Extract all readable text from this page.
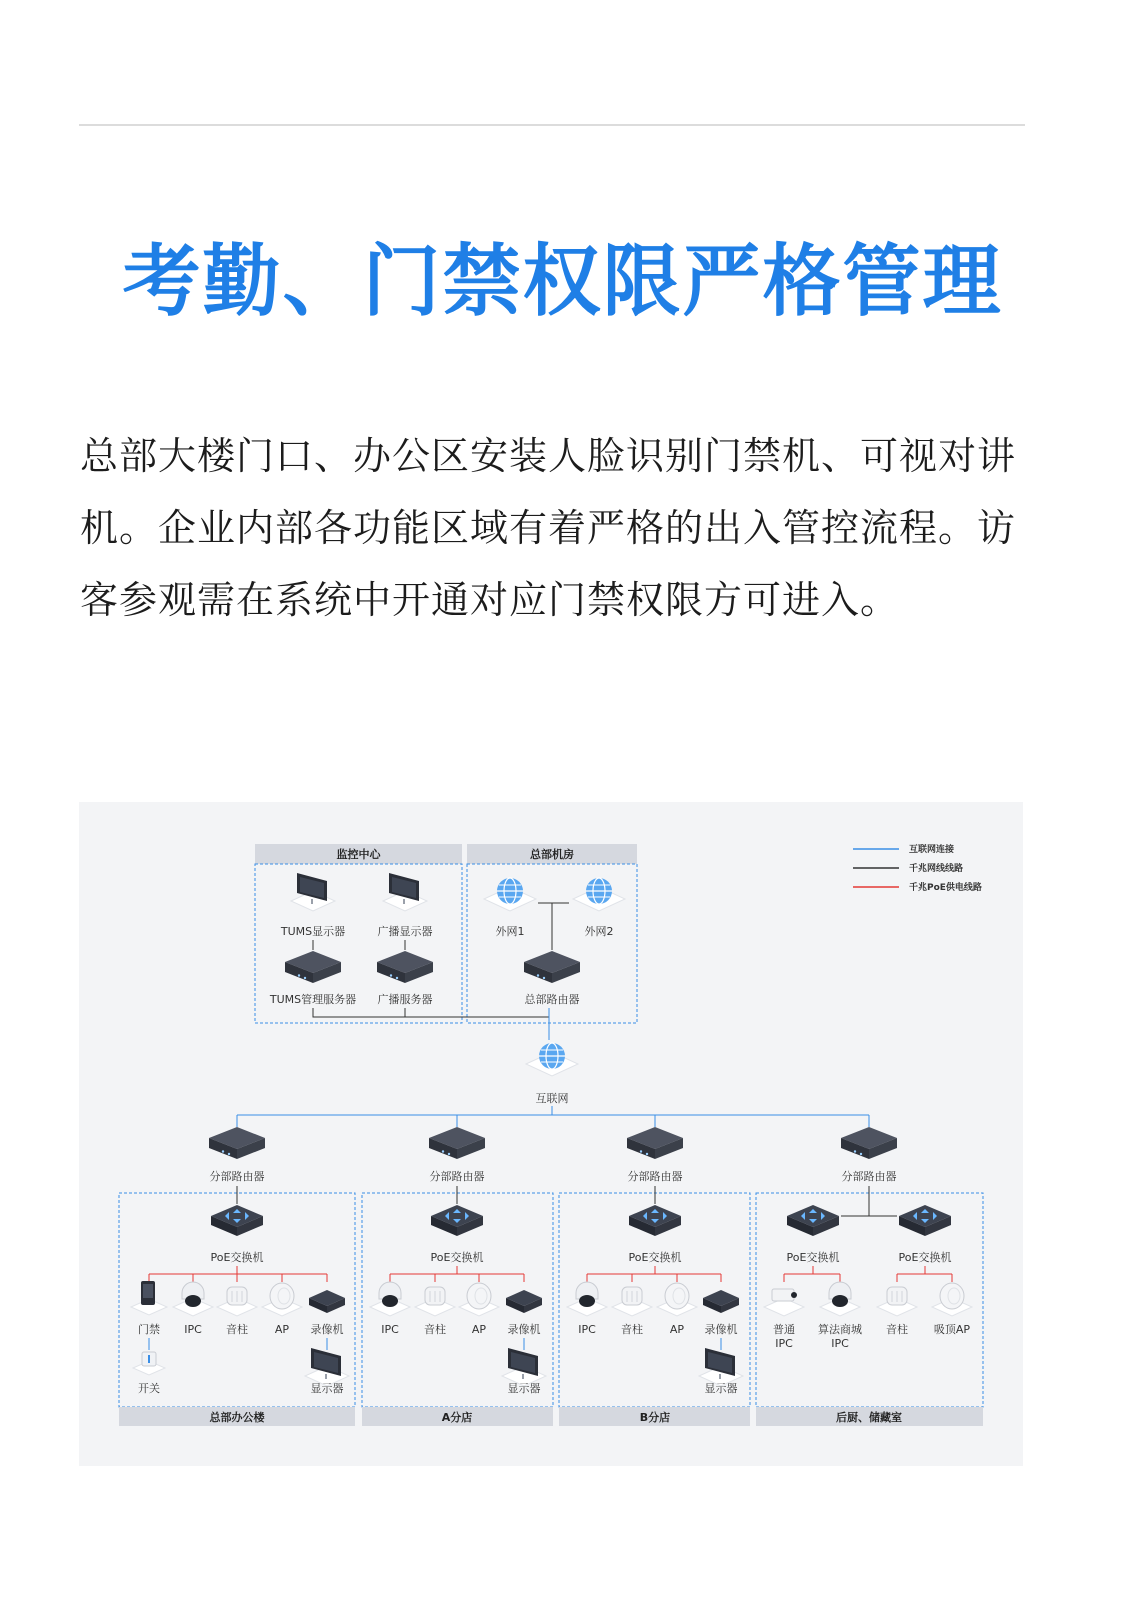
考勤、门禁权限严格管理
总部大楼门口、办公区安装人脸识别门禁机、可视对讲机。企业内部各功能区域有着严格的出入管控流程。访客参观需在系统中开通对应门禁权限方可进入。
互联网连接
千兆网线线路
千兆PoE供电线路
监控中心
TUMS显示器	广播显示器
TUMS管理服务器 广播服务器
总部机房
外网1	外网2
总部路由器
互联网
分部路由器	分部路由器	分部路由器	分部路由器
PoE交换机
门禁 IPC 音柱 AP 录像机
开关	显示器
总部办公楼
PoE交换机
IPC 音柱 AP 录像机
显示器
A分店
PoE交换机
IPC 音柱 AP 录像机
显示器
B分店
PoE交换机	PoE交换机
普通
IPC
算法商城
IPC
音柱 吸顶AP
后厨、储藏室
